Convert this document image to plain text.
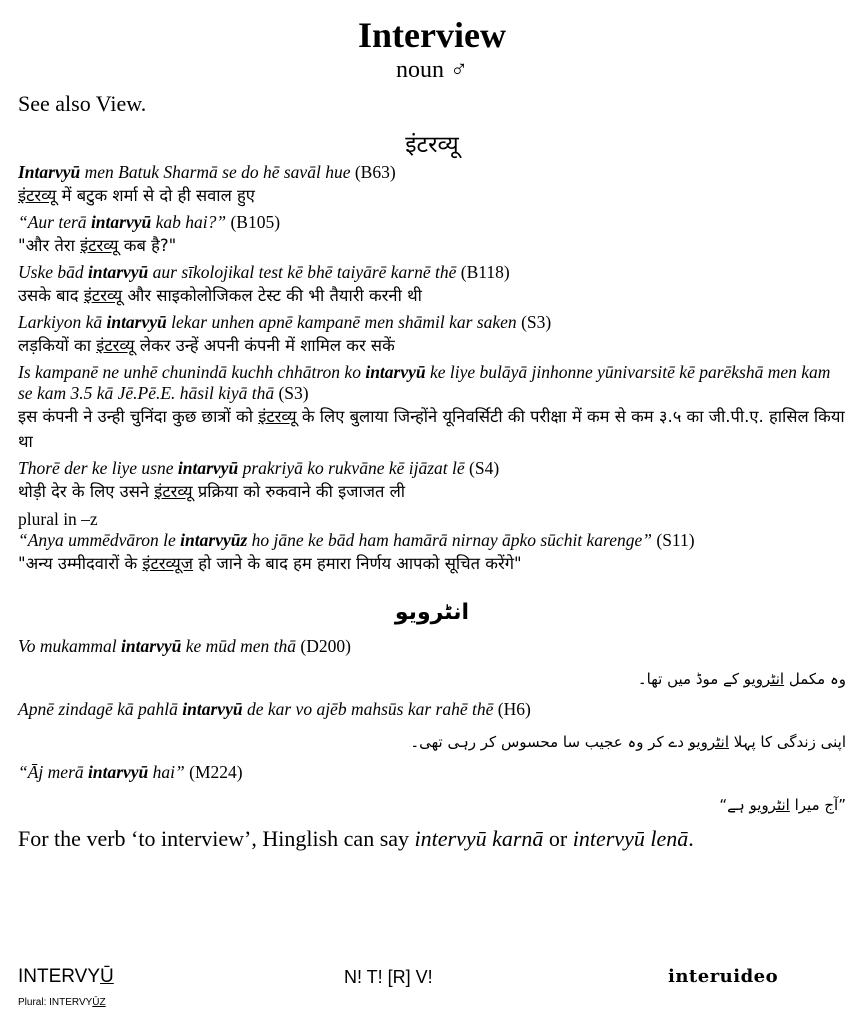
Interview
noun ♂
See also View.
इंटरव्यू
Intarvyū men Batuk Sharmā se do hē savāl hue (B63)
इंटरव्यू में बटुक शर्मा से दो ही सवाल हुए
“Aur terā intarvyū kab hai?” (B105)
"और तेरा इंटरव्यू कब है?"
Uske bād intarvyū aur sīkolojikal test kē bhē taiyārē karnē thē (B118)
उसके बाद इंटरव्यू और साइकोलोजिकल टेस्ट की भी तैयारी करनी थी
Larkiyon kā intarvyū lekar unhen apnē kampanē men shāmil kar saken (S3)
लड़कियों का इंटरव्यू लेकर उन्हें अपनी कंपनी में शामिल कर सकें
Is kampanē ne unhē chunindā kuchh chhātron ko intarvyū ke liye bulāyā jinhonne yūnivarsitē kē parēkshā men kam se kam 3.5 kā Jē.Pē.E. hāsil kiyā thā (S3)
इस कंपनी ने उन्ही चुनिंदा कुछ छात्रों को इंटरव्यू के लिए बुलाया जिन्होंने यूनिवर्सिटी की परीक्षा में कम से कम ३.५ का जी.पी.ए. हासिल किया था
Thorē der ke liye usne intarvyū prakriyā ko rukvāne kē ijāzat lē (S4)
थोड़ी देर के लिए उसने इंटरव्यू प्रक्रिया को रुकवाने की इजाजत ली
plural in –z
“Anya ummēdvāron le intarvyūz ho jāne ke bād ham hamārā nirnay āpko sūchit karenge” (S11)
"अन्य उम्मीदवारों के इंटरव्यूज हो जाने के बाद हम हमारा निर्णय आपको सूचित करेंगे"
انٹرویو
Vo mukammal intarvyū ke mūd men thā (D200)
وہ مکمل انٹرویو کے موڈ میں تھا۔
Apnē zindagē kā pahlā intarvyū de kar vo ajēb mahsūs kar rahē thē (H6)
اپنی زندگی کا پہلا انٹرویو دے کر وہ عجیب سا محسوس کر رہی تھی۔
“Āj merā intarvyū hai” (M224)
”آج میرا انٹرویو ہے“
For the verb ‘to interview’, Hinglish can say intervyū karnā or intervyū lenā.
INTERVYŪ	N! T! [R] V!	interuideo
Plural: INTERVYŪZ
